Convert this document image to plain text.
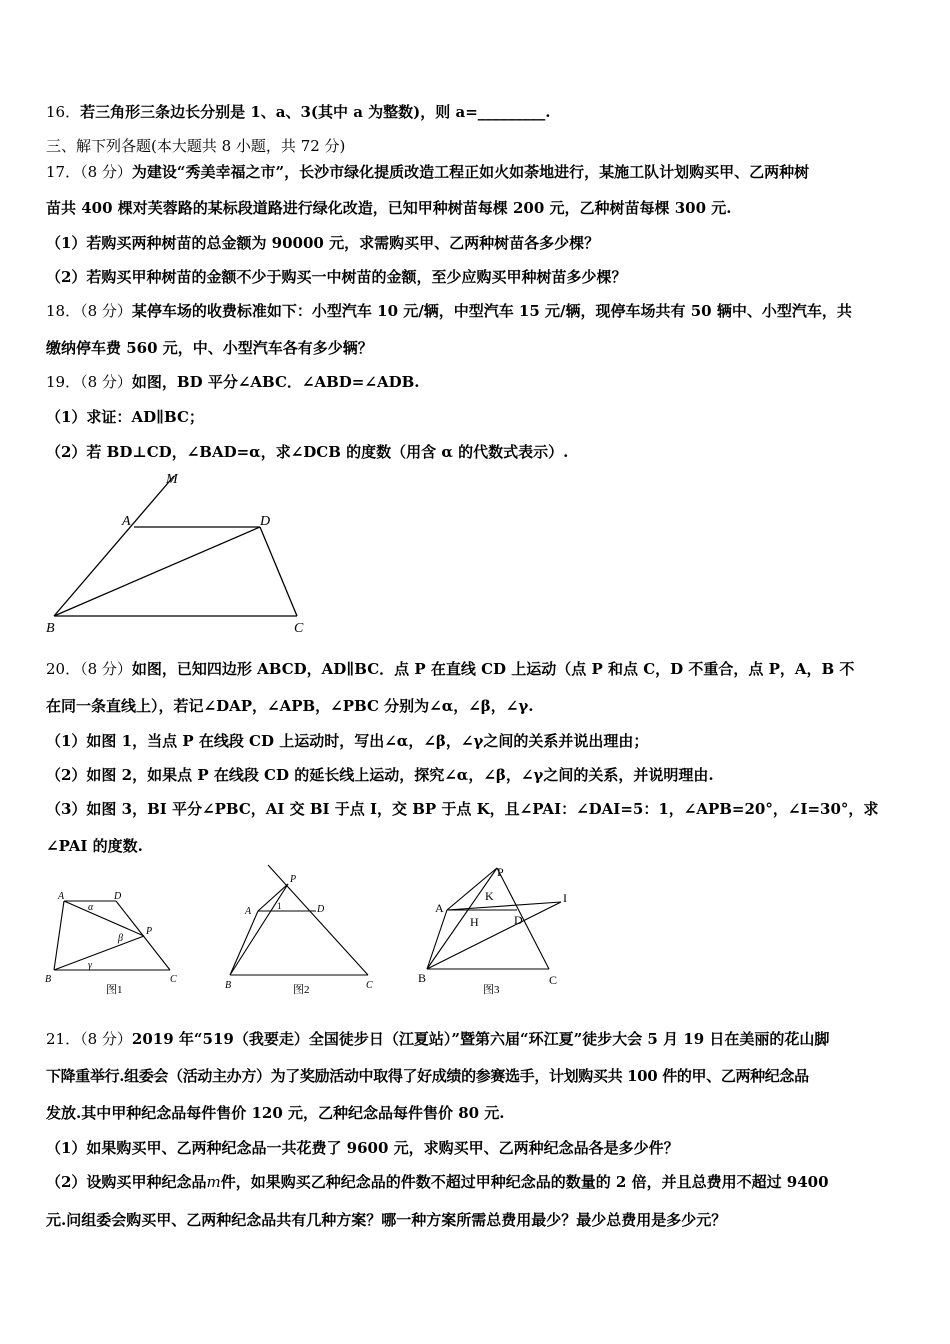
16．若三角形三条边长分别是 1、a、3(其中 a 为整数)，则 a=_________.
三、解下列各题(本大题共 8 小题，共 72 分)
17．（8 分）为建设“秀美幸福之市”，长沙市绿化提质改造工程正如火如荼地进行，某施工队计划购买甲、乙两种树
苗共 400 棵对芙蓉路的某标段道路进行绿化改造，已知甲种树苗每棵 200 元，乙种树苗每棵 300 元.
（1）若购买两种树苗的总金额为 90000 元，求需购买甲、乙两种树苗各多少棵？
（2）若购买甲种树苗的金额不少于购买一中树苗的金额，至少应购买甲种树苗多少棵？
18．（8 分）某停车场的收费标准如下：小型汽车 10 元/辆，中型汽车 15 元/辆，现停车场共有 50 辆中、小型汽车，共
缴纳停车费 560 元，中、小型汽车各有多少辆？
19．（8 分）如图，BD 平分∠ABC．∠ABD=∠ADB.
（1）求证：AD∥BC；
（2）若 BD⊥CD，∠BAD=α，求∠DCB 的度数（用含 α 的代数式表示）.
M
A	D
B	C
20．（8 分）如图，已知四边形 ABCD，AD∥BC．点 P 在直线 CD 上运动（点 P 和点 C，D 不重合，点 P，A，B 不
在同一条直线上），若记∠DAP，∠APB，∠PBC 分别为∠α，∠β，∠γ.
（1）如图 1，当点 P 在线段 CD 上运动时，写出∠α，∠β，∠γ之间的关系并说出理由；
（2）如图 2，如果点 P 在线段 CD 的延长线上运动，探究∠α，∠β，∠γ之间的关系，并说明理由.
（3）如图 3，BI 平分∠PBC，AI 交 BI 于点 I，交 BP 于点 K，且∠PAI：∠DAI=5：1，∠APB=20°，∠I=30°，求
∠PAI 的度数.
A	D
P
B	C
α
β
γ
图1
P
A	D
B	C
1
图2
P
K
A
H	D
I
B	C
图3
21．（8 分）2019 年“519（我要走）全国徒步日（江夏站）”暨第六届“环江夏”徒步大会 5 月 19 日在美丽的花山脚
下降重举行.组委会（活动主办方）为了奖励活动中取得了好成绩的参赛选手，计划购买共 100 件的甲、乙两种纪念品
发放.其中甲种纪念品每件售价 120 元，乙种纪念品每件售价 80 元.
（1）如果购买甲、乙两种纪念品一共花费了 9600 元，求购买甲、乙两种纪念品各是多少件？
（2）设购买甲种纪念品m件，如果购买乙种纪念品的件数不超过甲种纪念品的数量的 2 倍，并且总费用不超过 9400
元.问组委会购买甲、乙两种纪念品共有几种方案？哪一种方案所需总费用最少？最少总费用是多少元？
